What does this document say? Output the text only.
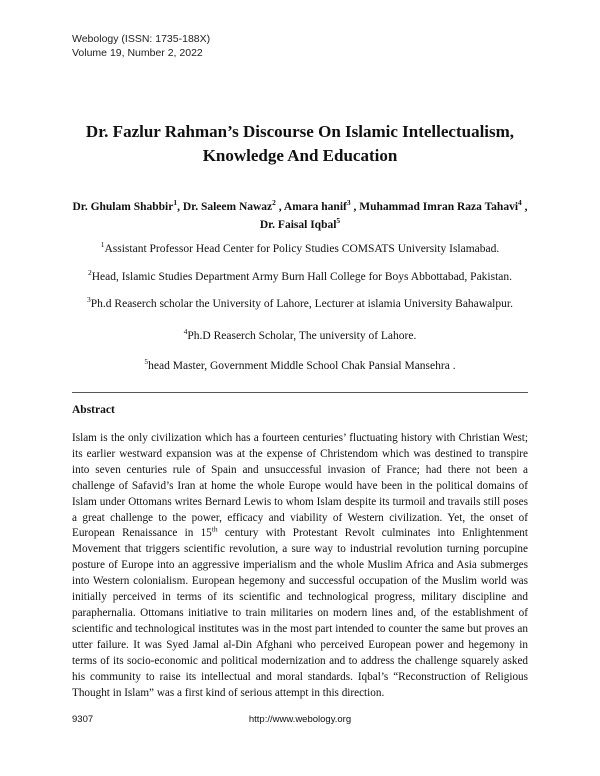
Webology (ISSN: 1735-188X)
Volume 19, Number 2, 2022
Dr. Fazlur Rahman’s Discourse On Islamic Intellectualism,
Knowledge And Education
Dr. Ghulam Shabbir$^1$, Dr. Saleem Nawaz$^2$ , Amara hanif$^3$ , Muhammad Imran Raza Tahavi$^4$ , Dr. Faisal Iqbal$^5$
$^1$Assistant Professor Head Center for Policy Studies COMSATS University Islamabad.
$^2$Head, Islamic Studies Department Army Burn Hall College for Boys Abbottabad, Pakistan.
$^3$Ph.d Reaserch scholar the University of Lahore, Lecturer at islamia University Bahawalpur.
$^4$Ph.D Reaserch Scholar, The university of Lahore.
$^5$head Master, Government Middle School Chak Pansial Mansehra .
Abstract

Islam is the only civilization which has a fourteen centuries’ fluctuating history with Christian West; its earlier westward expansion was at the expense of Christendom which was destined to transpire into seven centuries rule of Spain and unsuccessful invasion of France; had there not been a challenge of Safavid’s Iran at home the whole Europe would have been in the political domains of Islam under Ottomans writes Bernard Lewis to whom Islam despite its turmoil and travails still poses a great challenge to the power, efficacy and viability of Western civilization. Yet, the onset of European Renaissance in 15th century with Protestant Revolt culminates into Enlightenment Movement that triggers scientific revolution, a sure way to industrial revolution turning porcupine posture of Europe into an aggressive imperialism and the whole Muslim Africa and Asia submerges into Western colonialism. European hegemony and successful occupation of the Muslim world was initially perceived in terms of its scientific and technological progress, military discipline and paraphernalia. Ottomans initiative to train militaries on modern lines and, of the establishment of scientific and technological institutes was in the most part intended to counter the same but proves an utter failure. It was Syed Jamal al-Din Afghani who perceived European power and hegemony in terms of its socio-economic and political modernization and to address the challenge squarely asked his community to raise its intellectual and moral standards. Iqbal’s “Reconstruction of Religious Thought in Islam” was a first kind of serious attempt in this direction.

9307	http://www.webology.org
